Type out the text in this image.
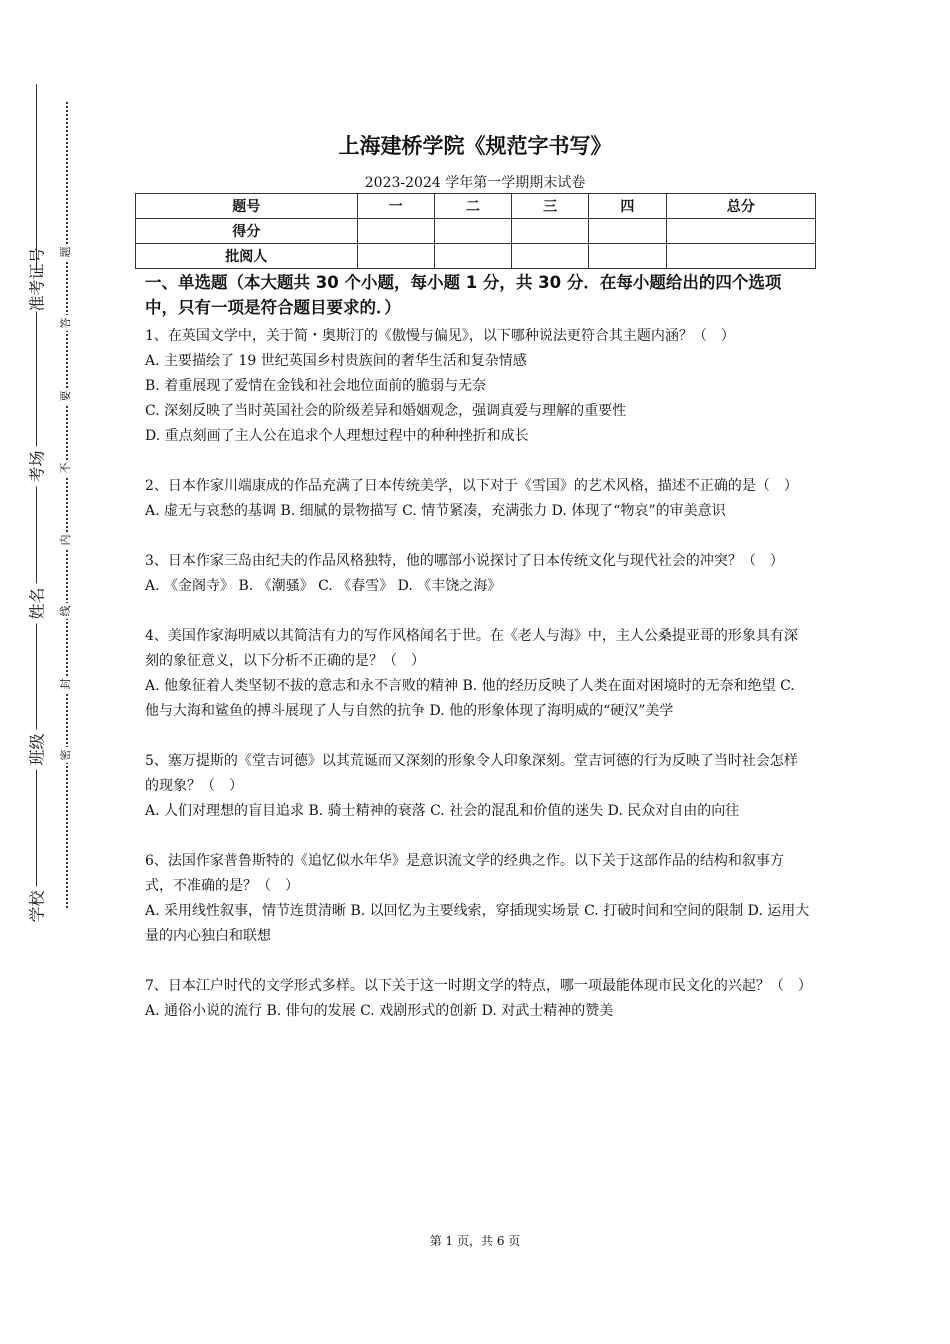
准考证号
考场
姓名
班级
学校
题
答
要
不
内
线
封
密
上海建桥学院《规范字书写》
2023-2024 学年第一学期期末试卷
题号	一	二	三	四	总分
得分					
批阅人					
一、单选题（本大题共 30 个小题，每小题 1 分，共 30 分．在每小题给出的四个选项中，只有一项是符合题目要求的．）

1、在英国文学中，关于简・奥斯汀的《傲慢与偏见》，以下哪种说法更符合其主题内涵？（　）

A. 主要描绘了 19 世纪英国乡村贵族间的奢华生活和复杂情感

B. 着重展现了爱情在金钱和社会地位面前的脆弱与无奈

C. 深刻反映了当时英国社会的阶级差异和婚姻观念，强调真爱与理解的重要性

D. 重点刻画了主人公在追求个人理想过程中的种种挫折和成长

2、日本作家川端康成的作品充满了日本传统美学，以下对于《雪国》的艺术风格，描述不正确的是（　）

A. 虚无与哀愁的基调 B. 细腻的景物描写 C. 情节紧凑，充满张力 D. 体现了“物哀”的审美意识

3、日本作家三岛由纪夫的作品风格独特，他的哪部小说探讨了日本传统文化与现代社会的冲突？（　）

A. 《金阁寺》 B. 《潮骚》 C. 《春雪》 D. 《丰饶之海》

4、美国作家海明威以其简洁有力的写作风格闻名于世。在《老人与海》中，主人公桑提亚哥的形象具有深刻的象征意义，以下分析不正确的是？（　）

A. 他象征着人类坚韧不拔的意志和永不言败的精神 B. 他的经历反映了人类在面对困境时的无奈和绝望 C. 他与大海和鲨鱼的搏斗展现了人与自然的抗争 D. 他的形象体现了海明威的“硬汉”美学

5、塞万提斯的《堂吉诃德》以其荒诞而又深刻的形象令人印象深刻。堂吉诃德的行为反映了当时社会怎样的现象？（　）

A. 人们对理想的盲目追求 B. 骑士精神的衰落 C. 社会的混乱和价值的迷失 D. 民众对自由的向往

6、法国作家普鲁斯特的《追忆似水年华》是意识流文学的经典之作。以下关于这部作品的结构和叙事方式，不准确的是？（　）

A. 采用线性叙事，情节连贯清晰 B. 以回忆为主要线索，穿插现实场景 C. 打破时间和空间的限制 D. 运用大量的内心独白和联想

7、日本江户时代的文学形式多样。以下关于这一时期文学的特点，哪一项最能体现市民文化的兴起？（　）

A. 通俗小说的流行 B. 俳句的发展 C. 戏剧形式的创新 D. 对武士精神的赞美

第 1 页，共 6 页
